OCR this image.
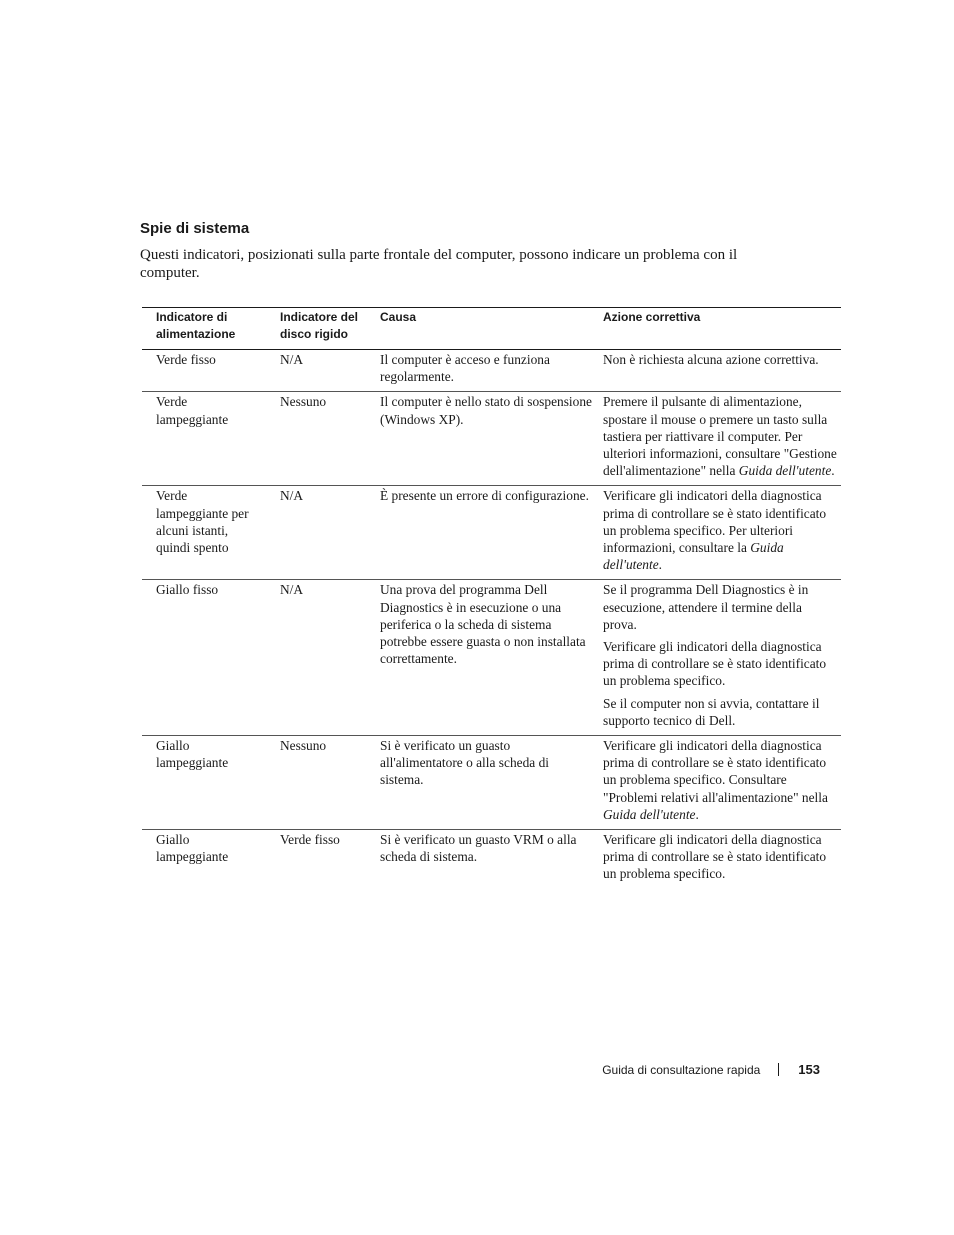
Spie di sistema

Questi indicatori, posizionati sulla parte frontale del computer, possono indicare un problema con il computer.

Indicatore di alimentazione	Indicatore del disco rigido	Causa	Azione correttiva
Verde fisso	N/A	Il computer è acceso e funziona regolarmente.	Non è richiesta alcuna azione correttiva.

Verde lampeggiante	Nessuno	Il computer è nello stato di sospensione (Windows XP).	Premere il pulsante di alimentazione, spostare il mouse o premere un tasto sulla tastiera per riattivare il computer. Per ulteriori informazioni, consultare "Gestione dell'alimentazione" nella Guida dell'utente.

Verde lampeggiante per alcuni istanti, quindi spento	N/A	È presente un errore di configurazione.	Verificare gli indicatori della diagnostica prima di controllare se è stato identificato un problema specifico. Per ulteriori informazioni, consultare la Guida dell'utente.

Giallo fisso	N/A	Una prova del programma Dell Diagnostics è in esecuzione o una periferica o la scheda di sistema potrebbe essere guasta o non installata correttamente.	Se il programma Dell Diagnostics è in esecuzione, attendere il termine della prova.

Verificare gli indicatori della diagnostica prima di controllare se è stato identificato un problema specifico.

Se il computer non si avvia, contattare il supporto tecnico di Dell.

Giallo lampeggiante	Nessuno	Si è verificato un guasto all'alimentatore o alla scheda di sistema.	Verificare gli indicatori della diagnostica prima di controllare se è stato identificato un problema specifico. Consultare "Problemi relativi all'alimentazione" nella Guida dell'utente.

Giallo lampeggiante	Verde fisso	Si è verificato un guasto VRM o alla scheda di sistema.	Verificare gli indicatori della diagnostica prima di controllare se è stato identificato un problema specifico.

Guida di consultazione rapida	153
